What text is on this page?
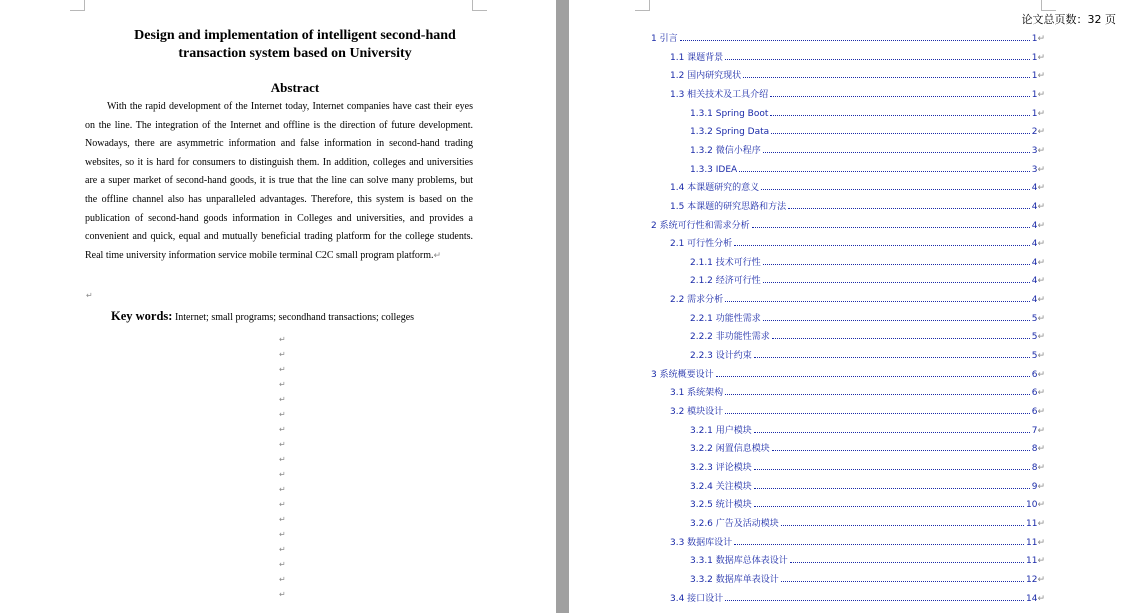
Design and implementation of intelligent second-hand
transaction system based on University
Abstract

With the rapid development of the Internet today, Internet companies have cast their eyes on the line. The integration of the Internet and offline is the direction of future development. Nowadays, there are asymmetric information and false information in second-hand trading websites, so it is hard for consumers to distinguish them. In addition, colleges and universities are a super market of second-hand goods, it is true that the line can solve many problems, but the offline channel also has unparalleled advantages. Therefore, this system is based on the publication of second-hand goods information in Colleges and universities, and provides a convenient and quick, equal and mutually beneficial trading platform for the college students. Real time university information service mobile terminal C2C small program platform.↵

Key words: Internet; small programs; secondhand transactions; colleges
↵
↵
↵
↵
↵
↵
↵
↵
↵
↵
↵
↵
↵
↵
↵
↵
↵
↵
↵
论文总页数：32 页
1 引言	1 ↵
1.1 课题背景	1 ↵
1.2 国内研究现状	1 ↵
1.3 相关技术及工具介绍	1 ↵
1.3.1 Spring Boot	1 ↵
1.3.2 Spring Data	2 ↵
1.3.2 微信小程序	3 ↵
1.3.3 IDEA	3 ↵
1.4 本课题研究的意义	4 ↵
1.5 本课题的研究思路和方法	4 ↵
2 系统可行性和需求分析	4 ↵
2.1 可行性分析	4 ↵
2.1.1 技术可行性	4 ↵
2.1.2 经济可行性	4 ↵
2.2 需求分析	4 ↵
2.2.1 功能性需求	5 ↵
2.2.2 非功能性需求	5 ↵
2.2.3 设计约束	5 ↵
3 系统概要设计	6 ↵
3.1 系统架构	6 ↵
3.2 模块设计	6 ↵
3.2.1 用户模块	7 ↵
3.2.2 闲置信息模块	8 ↵
3.2.3 评论模块	8 ↵
3.2.4 关注模块	9 ↵
3.2.5 统计模块	10 ↵
3.2.6 广告及活动模块	11 ↵
3.3 数据库设计	11 ↵
3.3.1 数据库总体表设计	11 ↵
3.3.2 数据库单表设计	12 ↵
3.4 接口设计	14 ↵
